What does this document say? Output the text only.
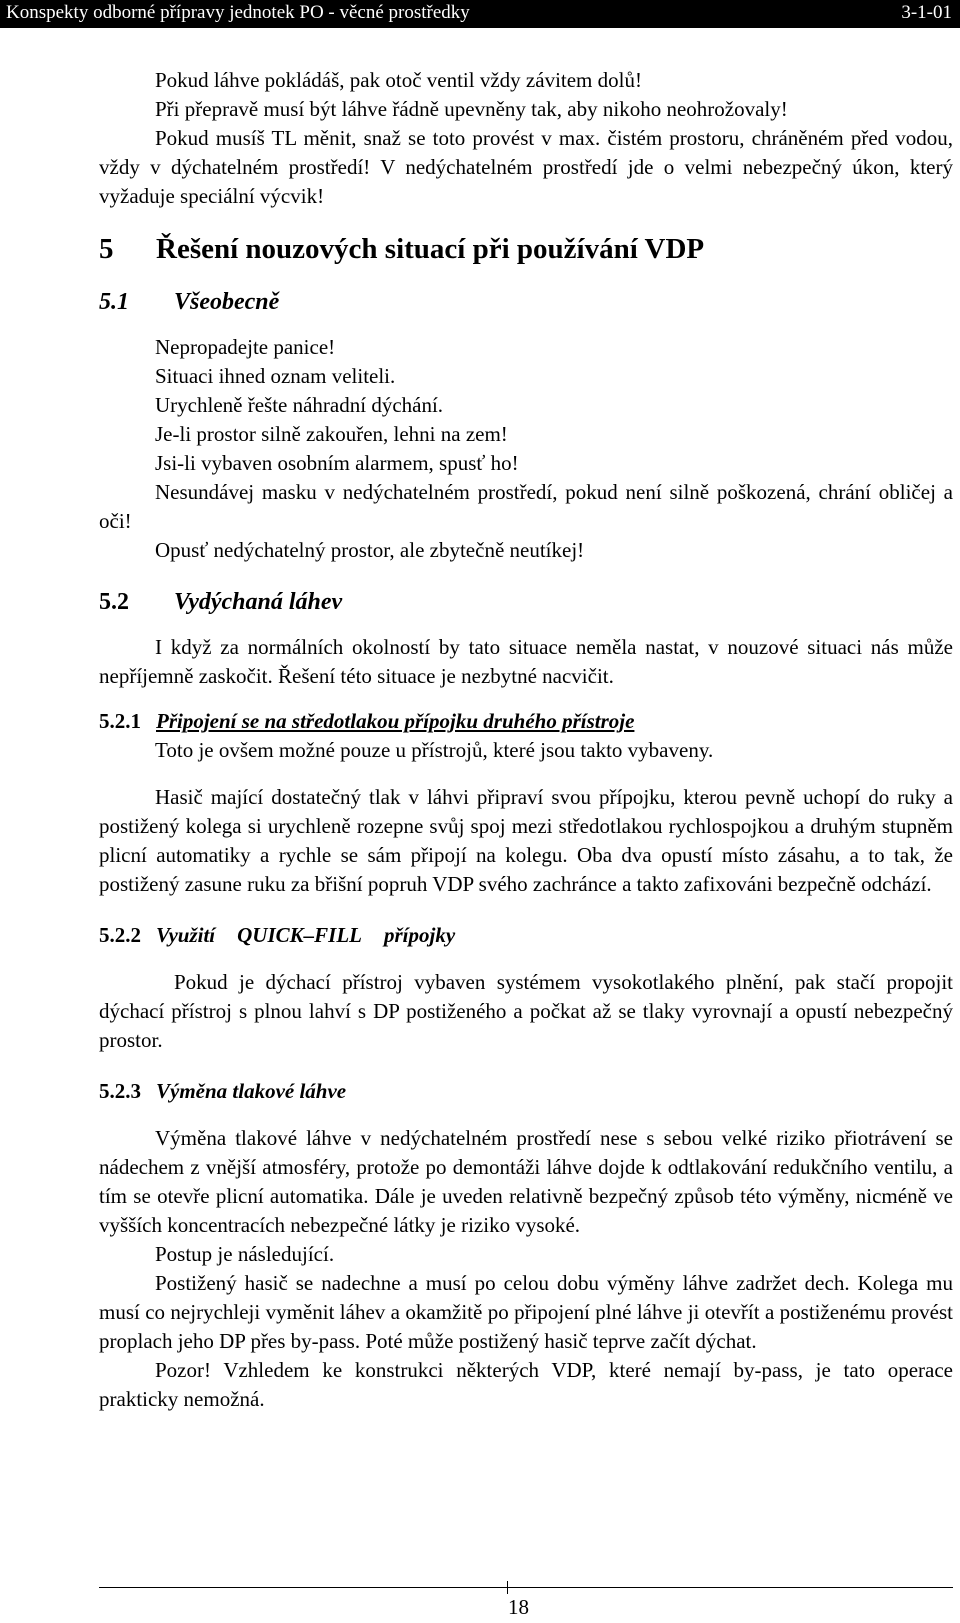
Konspekty odborné přípravy jednotek PO - věcné prostředky	3-1-01

Pokud láhve pokládáš, pak otoč ventil vždy závitem dolů!

Při přepravě musí být láhve řádně upevněny tak, aby nikoho neohrožovaly!

Pokud musíš TL měnit, snaž se toto provést v max. čistém prostoru, chráněném před vodou, vždy v dýchatelném prostředí! V nedýchatelném prostředí jde o velmi nebezpečný úkon, který vyžaduje speciální výcvik!

5 Řešení nouzových situací při používání VDP
5.1 Všeobecně

Nepropadejte panice!

Situaci ihned oznam veliteli.

Urychleně řešte náhradní dýchání.

Je-li prostor silně zakouřen, lehni na zem!

Jsi-li vybaven osobním alarmem, spusť ho!

Nesundávej masku v nedýchatelném prostředí, pokud není silně poškozená, chrání obličej a oči!

Opusť nedýchatelný prostor, ale zbytečně neutíkej!

5.2 Vydýchaná láhev

I když za normálních okolností by tato situace neměla nastat, v nouzové situaci nás může nepříjemně zaskočit. Řešení této situace je nezbytné nacvičit.

5.2.1 Připojení se na středotlakou přípojku druhého přístroje

Toto je ovšem možné pouze u přístrojů, které jsou takto vybaveny.

Hasič mající dostatečný tlak v láhvi připraví svou přípojku, kterou pevně uchopí do ruky a postižený kolega si urychleně rozepne svůj spoj mezi středotlakou rychlospojkou a druhým stupněm plicní automatiky a rychle se sám připojí na kolegu. Oba dva opustí místo zásahu, a to tak, že postižený zasune ruku za břišní popruh VDP svého zachránce a takto zafixováni bezpečně odchází.

5.2.2 Využití QUICK–FILL přípojky

Pokud je dýchací přístroj vybaven systémem vysokotlakého plnění, pak stačí propojit dýchací přístroj s plnou lahví s DP postiženého a počkat až se tlaky vyrovnají a opustí nebezpečný prostor.

5.2.3 Výměna tlakové láhve

Výměna tlakové láhve v nedýchatelném prostředí nese s sebou velké riziko přiotrávení se nádechem z vnější atmosféry, protože po demontáži láhve dojde k odtlakování redukčního ventilu, a tím se otevře plicní automatika. Dále je uveden relativně bezpečný způsob této výměny, nicméně ve vyšších koncentracích nebezpečné látky je riziko vysoké.

Postup je následující.

Postižený hasič se nadechne a musí po celou dobu výměny láhve zadržet dech. Kolega mu musí co nejrychleji vyměnit láhev a okamžitě po připojení plné láhve ji otevřít a postiženému provést proplach jeho DP přes by-pass. Poté může postižený hasič teprve začít dýchat.

Pozor! Vzhledem ke konstrukci některých VDP, které nemají by-pass, je tato operace prakticky nemožná.

18
